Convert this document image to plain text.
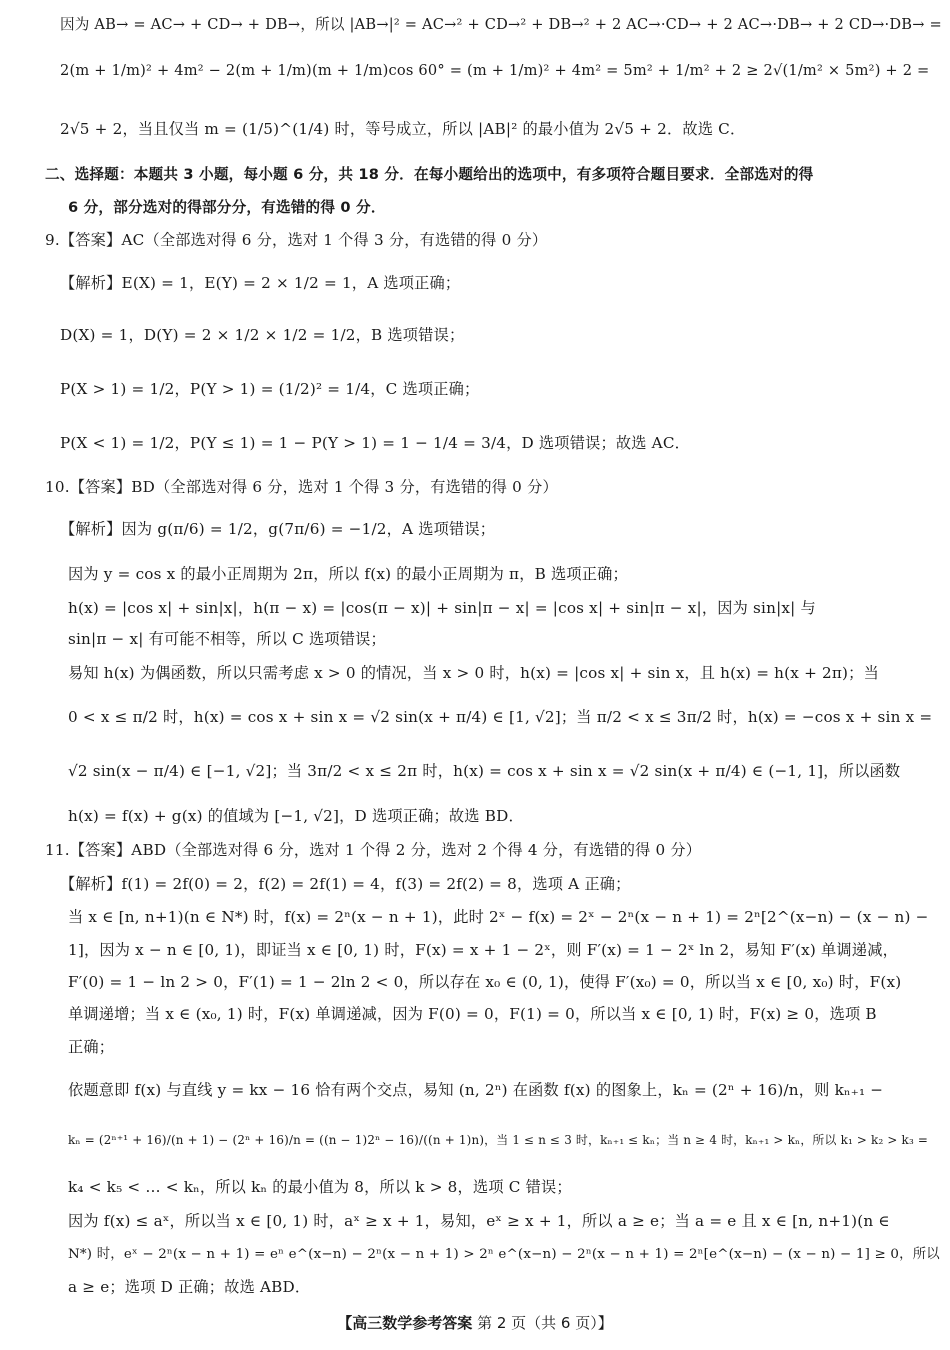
因为 AB→ = AC→ + CD→ + DB→，所以 |AB→|² = AC→² + CD→² + DB→² + 2 AC→·CD→ + 2 AC→·DB→ + 2 CD→·DB→ =
2(m + 1/m)² + 4m² − 2(m + 1/m)(m + 1/m)cos 60° = (m + 1/m)² + 4m² = 5m² + 1/m² + 2 ≥ 2√(1/m² × 5m²) + 2 =
2√5 + 2，当且仅当 m = (1/5)^(1/4) 时，等号成立，所以 |AB|² 的最小值为 2√5 + 2．故选 C．
二、选择题：本题共 3 小题，每小题 6 分，共 18 分．在每小题给出的选项中，有多项符合题目要求．全部选对的得
6 分，部分选对的得部分分，有选错的得 0 分．
9.【答案】AC（全部选对得 6 分，选对 1 个得 3 分，有选错的得 0 分）
【解析】E(X) = 1，E(Y) = 2 × 1/2 = 1，A 选项正确；
D(X) = 1，D(Y) = 2 × 1/2 × 1/2 = 1/2，B 选项错误；
P(X > 1) = 1/2，P(Y > 1) = (1/2)² = 1/4，C 选项正确；
P(X < 1) = 1/2，P(Y ≤ 1) = 1 − P(Y > 1) = 1 − 1/4 = 3/4，D 选项错误；故选 AC．
10.【答案】BD（全部选对得 6 分，选对 1 个得 3 分，有选错的得 0 分）
【解析】因为 g(π/6) = 1/2，g(7π/6) = −1/2，A 选项错误；
因为 y = cos x 的最小正周期为 2π，所以 f(x) 的最小正周期为 π，B 选项正确；
h(x) = |cos x| + sin|x|，h(π − x) = |cos(π − x)| + sin|π − x| = |cos x| + sin|π − x|，因为 sin|x| 与
sin|π − x| 有可能不相等，所以 C 选项错误；
易知 h(x) 为偶函数，所以只需考虑 x > 0 的情况，当 x > 0 时，h(x) = |cos x| + sin x，且 h(x) = h(x + 2π)；当
0 < x ≤ π/2 时，h(x) = cos x + sin x = √2 sin(x + π/4) ∈ [1, √2]；当 π/2 < x ≤ 3π/2 时，h(x) = −cos x + sin x =
√2 sin(x − π/4) ∈ [−1, √2]；当 3π/2 < x ≤ 2π 时，h(x) = cos x + sin x = √2 sin(x + π/4) ∈ (−1, 1]，所以函数
h(x) = f(x) + g(x) 的值域为 [−1, √2]，D 选项正确；故选 BD．
11.【答案】ABD（全部选对得 6 分，选对 1 个得 2 分，选对 2 个得 4 分，有选错的得 0 分）
【解析】f(1) = 2f(0) = 2，f(2) = 2f(1) = 4，f(3) = 2f(2) = 8，选项 A 正确；
当 x ∈ [n, n+1)(n ∈ N*) 时，f(x) = 2ⁿ(x − n + 1)，此时 2ˣ − f(x) = 2ˣ − 2ⁿ(x − n + 1) = 2ⁿ[2^(x−n) − (x − n) −
1]，因为 x − n ∈ [0, 1)，即证当 x ∈ [0, 1) 时，F(x) = x + 1 − 2ˣ，则 F′(x) = 1 − 2ˣ ln 2，易知 F′(x) 单调递减，
F′(0) = 1 − ln 2 > 0，F′(1) = 1 − 2ln 2 < 0，所以存在 x₀ ∈ (0, 1)，使得 F′(x₀) = 0，所以当 x ∈ [0, x₀) 时，F(x)
单调递增；当 x ∈ (x₀, 1) 时，F(x) 单调递减，因为 F(0) = 0，F(1) = 0，所以当 x ∈ [0, 1) 时，F(x) ≥ 0，选项 B
正确；
依题意即 f(x) 与直线 y = kx − 16 恰有两个交点，易知 (n, 2ⁿ) 在函数 f(x) 的图象上，kₙ = (2ⁿ + 16)/n，则 kₙ₊₁ −
kₙ = (2ⁿ⁺¹ + 16)/(n + 1) − (2ⁿ + 16)/n = ((n − 1)2ⁿ − 16)/((n + 1)n)，当 1 ≤ n ≤ 3 时，kₙ₊₁ ≤ kₙ；当 n ≥ 4 时，kₙ₊₁ > kₙ，所以 k₁ > k₂ > k₃ =
k₄ < k₅ < … < kₙ，所以 kₙ 的最小值为 8，所以 k > 8，选项 C 错误；
因为 f(x) ≤ aˣ，所以当 x ∈ [0, 1) 时，aˣ ≥ x + 1，易知，eˣ ≥ x + 1，所以 a ≥ e；当 a = e 且 x ∈ [n, n+1)(n ∈
N*) 时，eˣ − 2ⁿ(x − n + 1) = eⁿ e^(x−n) − 2ⁿ(x − n + 1) > 2ⁿ e^(x−n) − 2ⁿ(x − n + 1) = 2ⁿ[e^(x−n) − (x − n) − 1] ≥ 0，所以
a ≥ e；选项 D 正确；故选 ABD．
【高三数学参考答案 第 2 页（共 6 页）】
